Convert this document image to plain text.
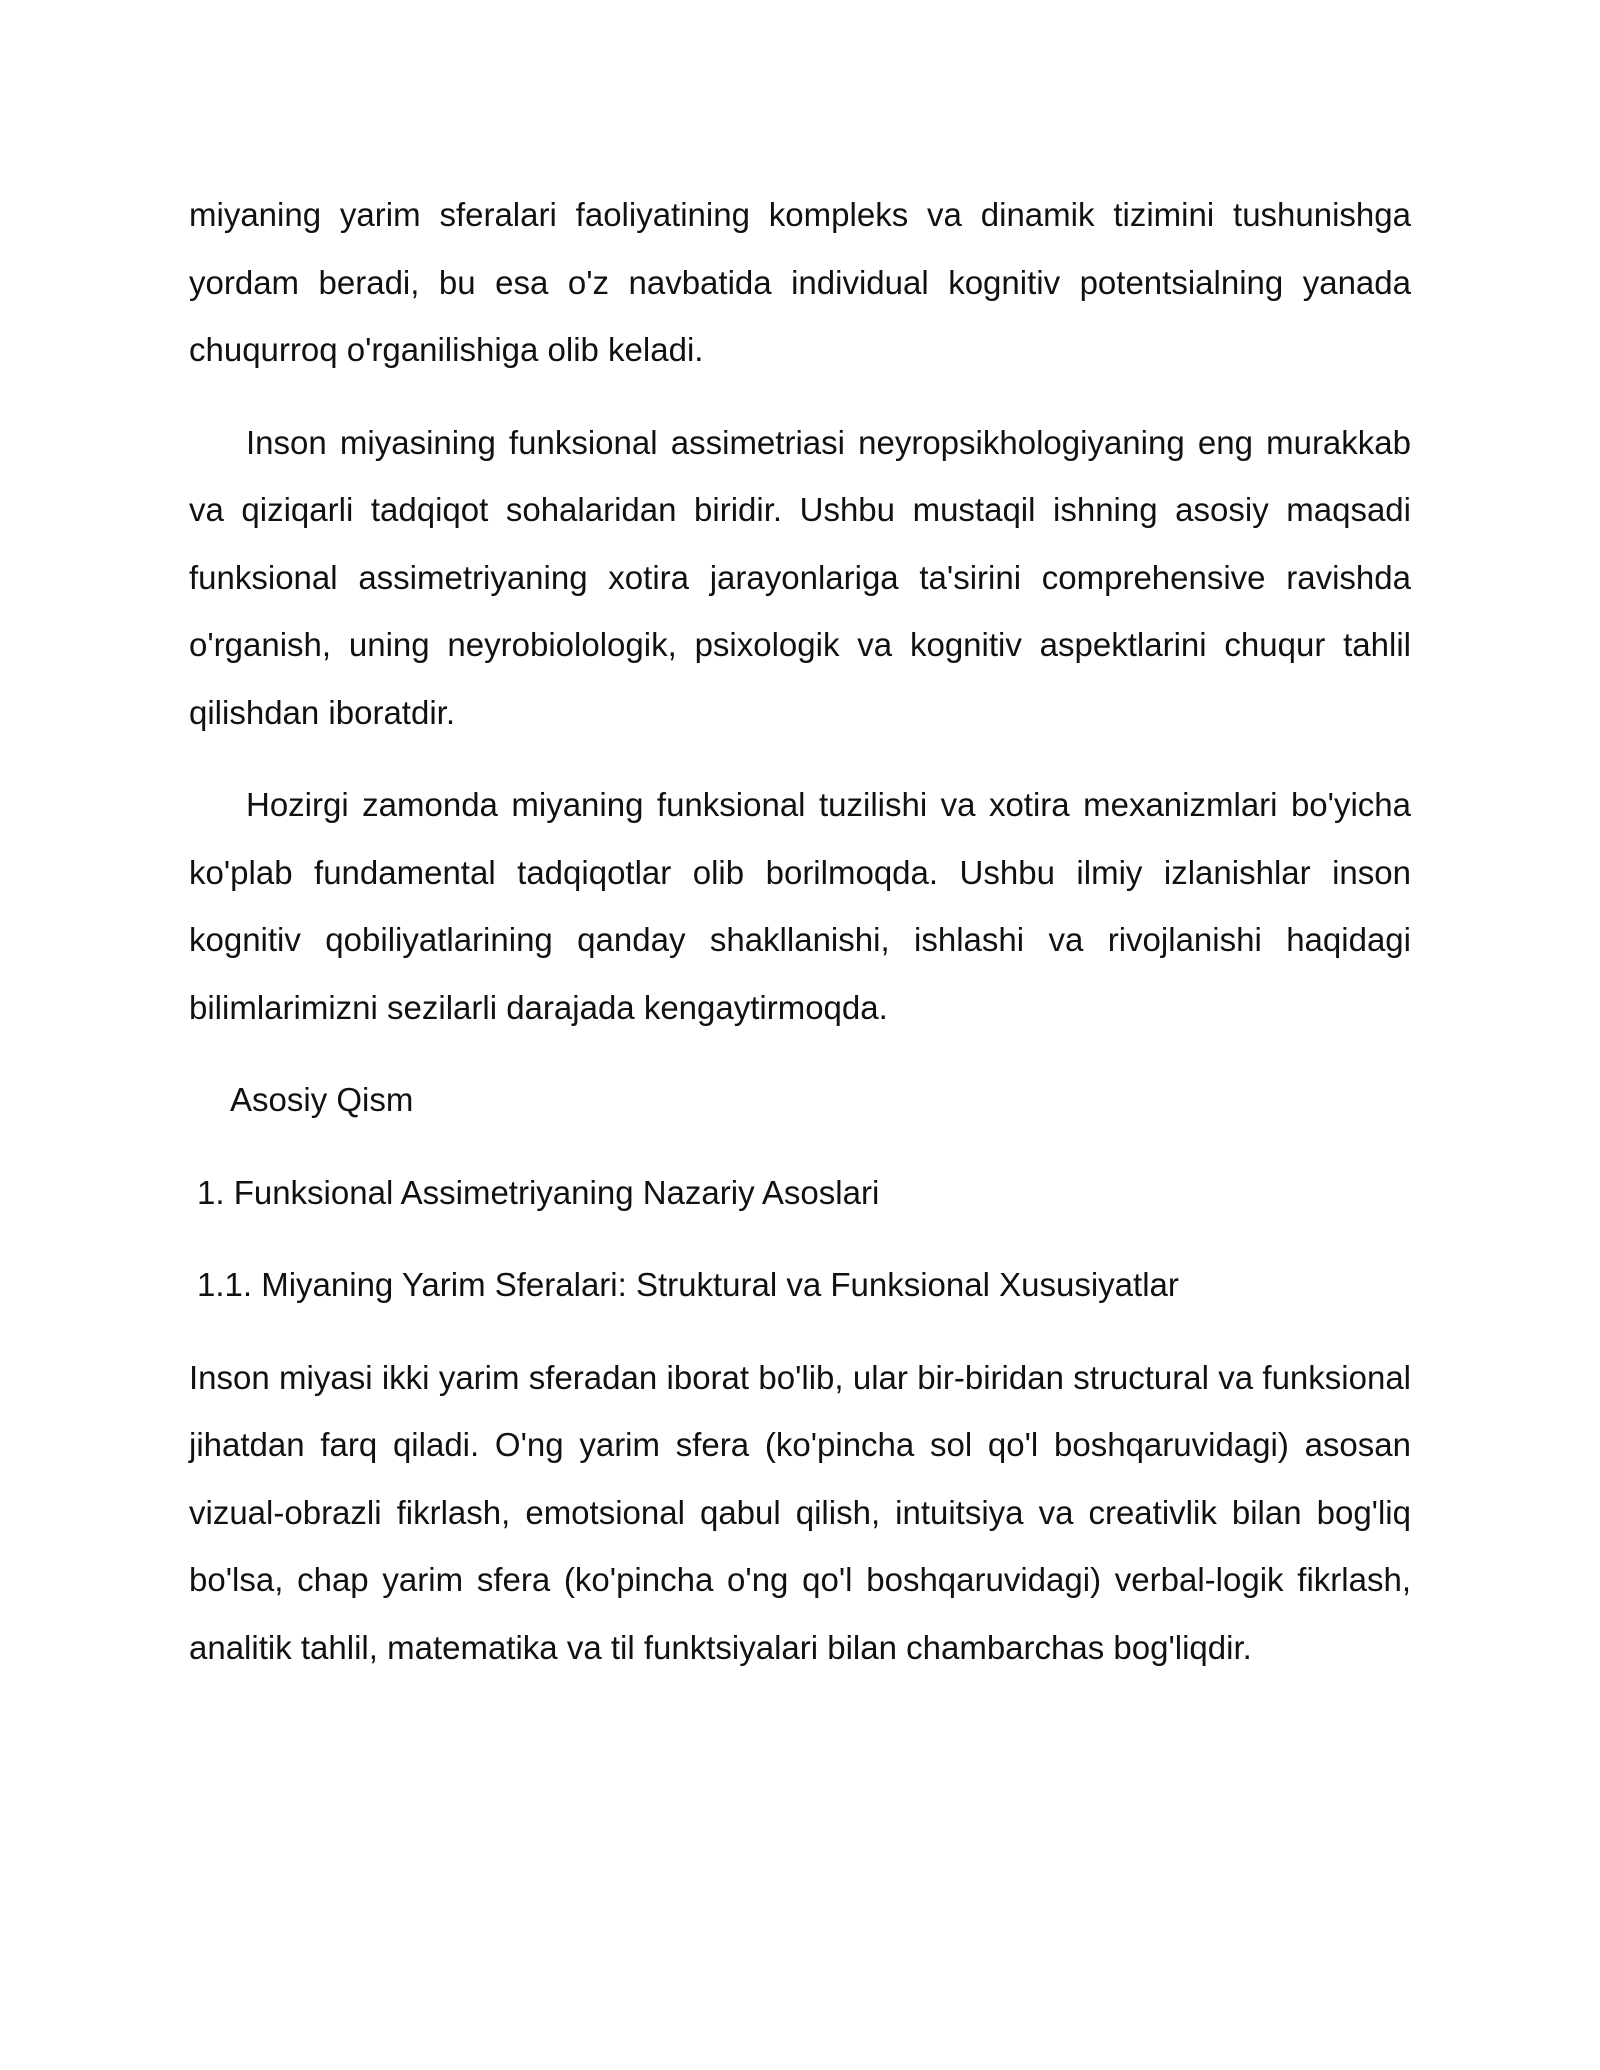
miyaning yarim sferalari faoliyatining kompleks va dinamik tizimini tushunishga yordam beradi, bu esa o'z navbatida individual kognitiv potentsialning yanada chuqurroq o'rganilishiga olib keladi.

Inson miyasining funksional assimetriasi neyropsikhologiyaning eng murakkab va qiziqarli tadqiqot sohalaridan biridir. Ushbu mustaqil ishning asosiy maqsadi funksional assimetriyaning xotira jarayonlariga ta'sirini comprehensive ravishda o'rganish, uning neyrobiolologik, psixologik va kognitiv aspektlarini chuqur tahlil qilishdan iboratdir.

Hozirgi zamonda miyaning funksional tuzilishi va xotira mexanizmlari bo'yicha ko'plab fundamental tadqiqotlar olib borilmoqda. Ushbu ilmiy izlanishlar inson kognitiv qobiliyatlarining qanday shakllanishi, ishlashi va rivojlanishi haqidagi bilimlarimizni sezilarli darajada kengaytirmoqda.

Asosiy Qism

1. Funksional Assimetriyaning Nazariy Asoslari

1.1. Miyaning Yarim Sferalari: Struktural va Funksional Xususiyatlar

Inson miyasi ikki yarim sferadan iborat bo'lib, ular bir-biridan structural va funksional jihatdan farq qiladi. O'ng yarim sfera (ko'pincha sol qo'l boshqaruvidagi) asosan vizual-obrazli fikrlash, emotsional qabul qilish, intuitsiya va creativlik bilan bog'liq bo'lsa, chap yarim sfera (ko'pincha o'ng qo'l boshqaruvidagi) verbal-logik fikrlash, analitik tahlil, matematika va til funktsiyalari bilan chambarchas bog'liqdir.
